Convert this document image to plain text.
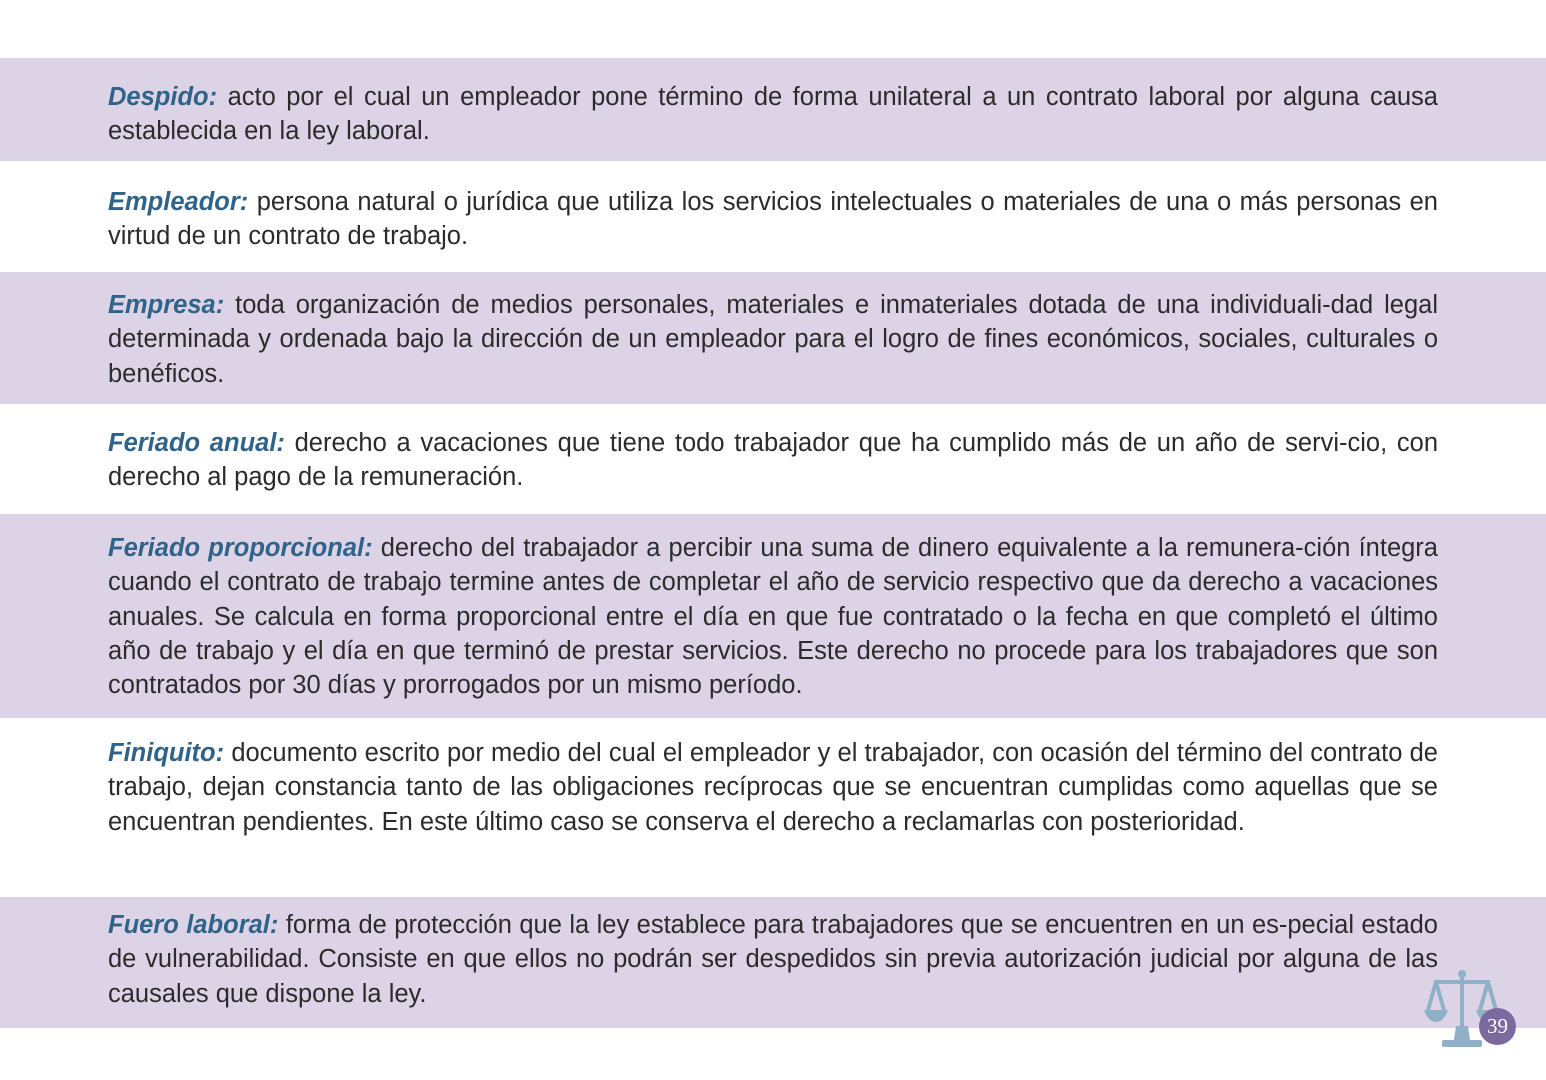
Despido: acto por el cual un empleador pone término de forma unilateral a un contrato laboral por alguna causa establecida en la ley laboral.

Empleador: persona natural o jurídica que utiliza los servicios intelectuales o materiales de una o más personas en virtud de un contrato de trabajo.

Empresa: toda organización de medios personales, materiales e inmateriales dotada de una individuali-dad legal determinada y ordenada bajo la dirección de un empleador para el logro de fines económicos, sociales, culturales o benéficos.

Feriado anual: derecho a vacaciones que tiene todo trabajador que ha cumplido más de un año de servi-cio, con derecho al pago de la remuneración.

Feriado proporcional: derecho del trabajador a percibir una suma de dinero equivalente a la remunera-ción íntegra cuando el contrato de trabajo termine antes de completar el año de servicio respectivo que da derecho a vacaciones anuales. Se calcula en forma proporcional entre el día en que fue contratado o la fecha en que completó el último año de trabajo y el día en que terminó de prestar servicios. Este derecho no procede para los trabajadores que son contratados por 30 días y prorrogados por un mismo período.

Finiquito: documento escrito por medio del cual el empleador y el trabajador, con ocasión del término del contrato de trabajo, dejan constancia tanto de las obligaciones recíprocas que se encuentran cumplidas como aquellas que se encuentran pendientes. En este último caso se conserva el derecho a reclamarlas con posterioridad.

Fuero laboral: forma de protección que la ley establece para trabajadores que se encuentren en un es-pecial estado de vulnerabilidad. Consiste en que ellos no podrán ser despedidos sin previa autorización judicial por alguna de las causales que dispone la ley.

39
